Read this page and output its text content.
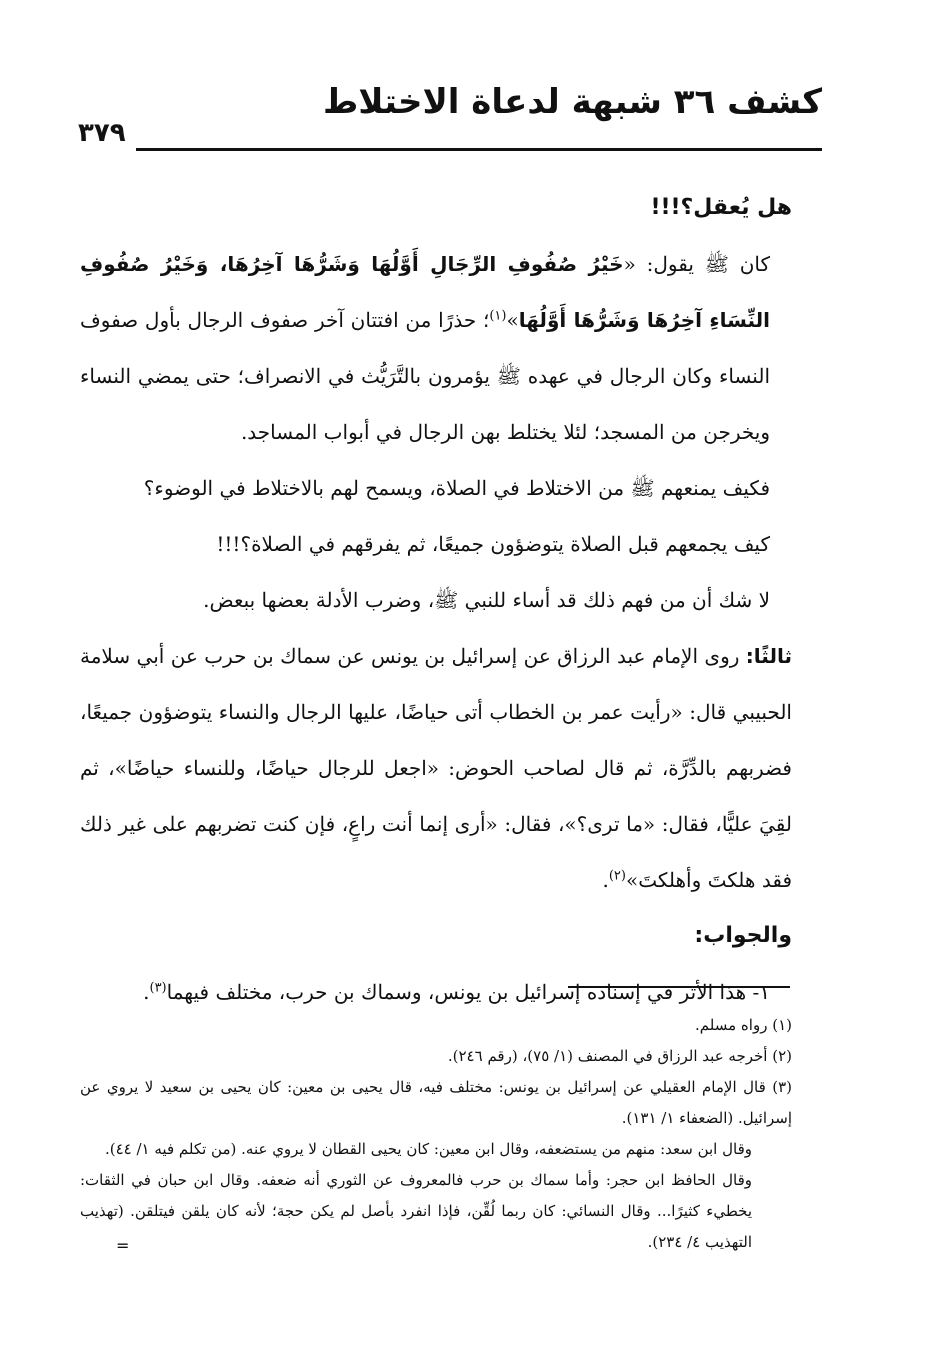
٣٧٩
كشف ٣٦ شبهة لدعاة الاختلاط

هل يُعقل؟!!!

كان ﷺ يقول: «خَيْرُ صُفُوفِ الرِّجَالِ أَوَّلُهَا وَشَرُّهَا آخِرُهَا، وَخَيْرُ صُفُوفِ النِّسَاءِ آخِرُهَا وَشَرُّهَا أَوَّلُهَا»$^{(١)}$؛ حذرًا من افتتان آخر صفوف الرجال بأول صفوف النساء وكان الرجال في عهده ﷺ يؤمرون بالتَّرَيُّث في الانصراف؛ حتى يمضي النساء ويخرجن من المسجد؛ لئلا يختلط بهن الرجال في أبواب المساجد.

فكيف يمنعهم ﷺ من الاختلاط في الصلاة، ويسمح لهم بالاختلاط في الوضوء؟

كيف يجمعهم قبل الصلاة يتوضؤون جميعًا، ثم يفرقهم في الصلاة؟!!!

لا شك أن من فهم ذلك قد أساء للنبي ﷺ، وضرب الأدلة بعضها ببعض.

ثالثًا: روى الإمام عبد الرزاق عن إسرائيل بن يونس عن سماك بن حرب عن أبي سلامة الحبيبي قال: «رأيت عمر بن الخطاب أتى حياضًا، عليها الرجال والنساء يتوضؤون جميعًا، فضربهم بالدِّرَّة، ثم قال لصاحب الحوض: «اجعل للرجال حياضًا، وللنساء حياضًا»، ثم لقِيَ عليًّا، فقال: «ما ترى؟»، فقال: «أرى إنما أنت راعٍ، فإن كنت تضربهم على غير ذلك فقد هلكتَ وأهلكتَ»$^{(٢)}$.

والجواب:

١- هذا الأثر في إسناده إسرائيل بن يونس، وسماك بن حرب، مختلف فيهما$^{(٣)}$.

(١) رواه مسلم.

(٢) أخرجه عبد الرزاق في المصنف (١/ ٧٥)، (رقم ٢٤٦).

(٣) قال الإمام العقيلي عن إسرائيل بن يونس: مختلف فيه، قال يحيى بن معين: كان يحيى بن سعيد لا يروي عن إسرائيل. (الضعفاء ١/ ١٣١).

وقال ابن سعد: منهم من يستضعفه، وقال ابن معين: كان يحيى القطان لا يروي عنه. (من تكلم فيه ١/ ٤٤).

وقال الحافظ ابن حجر: وأما سماك بن حرب فالمعروف عن الثوري أنه ضعفه. وقال ابن حبان في الثقات: يخطيء كثيرًا... وقال النسائي: كان ربما لُقِّن، فإذا انفرد بأصل لم يكن حجة؛ لأنه كان يلقن فيتلقن. (تهذيب التهذيب ٤/ ٢٣٤).

=
